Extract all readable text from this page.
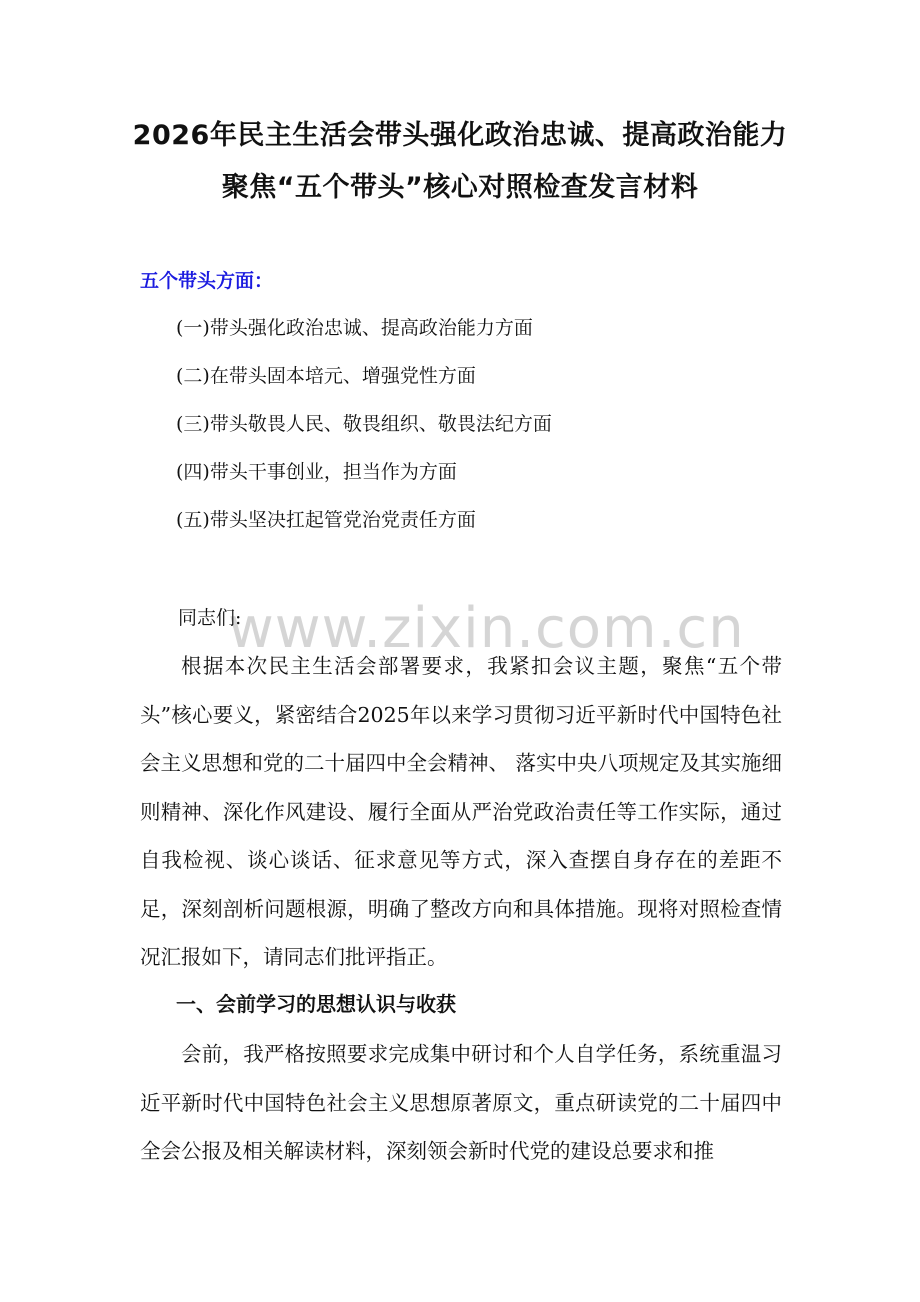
2026年民主生活会带头强化政治忠诚、提高政治能力
聚焦“五个带头”核心对照检查发言材料
五个带头方面：
(一)带头强化政治忠诚、提高政治能力方面
(二)在带头固本培元、增强党性方面
(三)带头敬畏人民、敬畏组织、敬畏法纪方面
(四)带头干事创业，担当作为方面
(五)带头坚决扛起管党治党责任方面
www.zixin.com.cn
同志们:

根据本次民主生活会部署要求，我紧扣会议主题，聚焦“五个带头”核心要义，紧密结合2025年以来学习贯彻习近平新时代中国特色社会主义思想和党的二十届四中全会精神、 落实中央八项规定及其实施细则精神、深化作风建设、履行全面从严治党政治责任等工作实际，通过自我检视、谈心谈话、征求意见等方式，深入查摆自身存在的差距不足，深刻剖析问题根源，明确了整改方向和具体措施。现将对照检查情况汇报如下，请同志们批评指正。

一、会前学习的思想认识与收获

会前，我严格按照要求完成集中研讨和个人自学任务，系统重温习近平新时代中国特色社会主义思想原著原文，重点研读党的二十届四中全会公报及相关解读材料，深刻领会新时代党的建设总要求和推
